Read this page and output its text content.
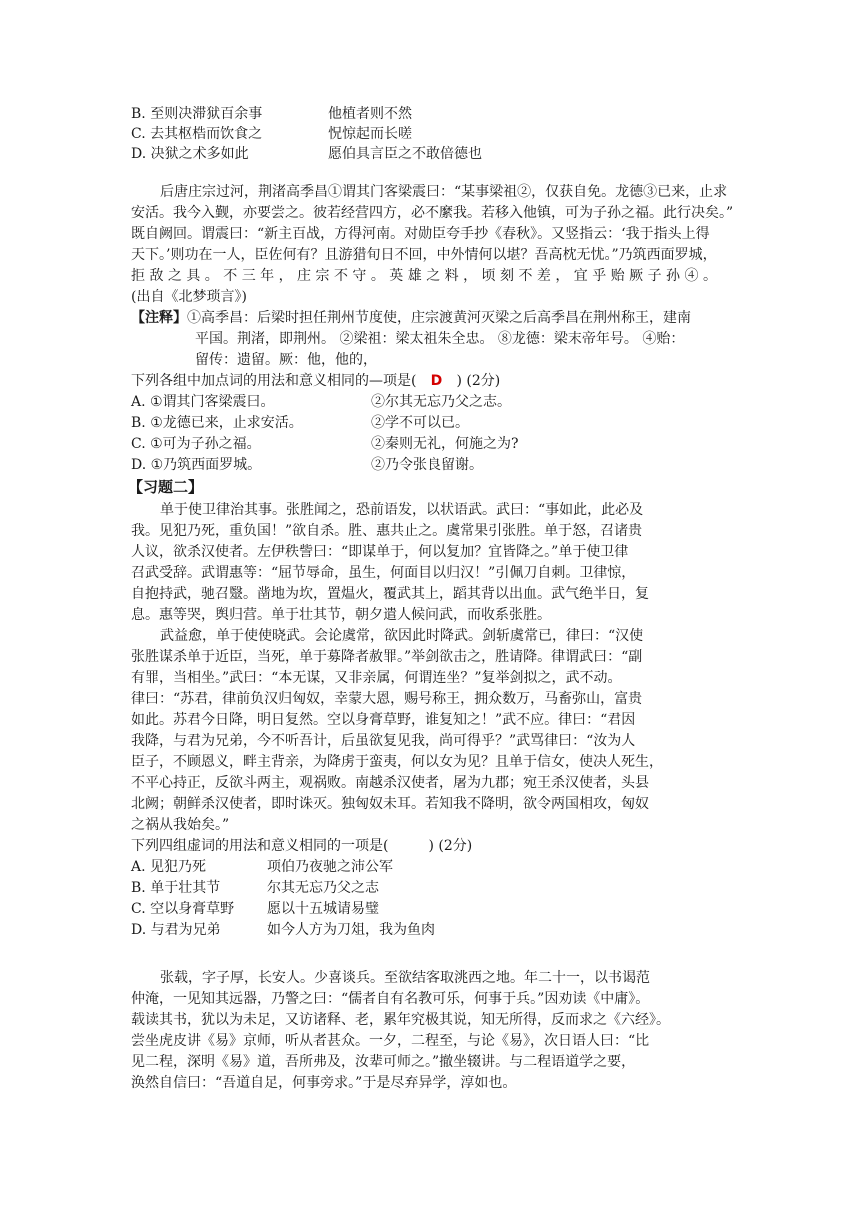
B. 至则决滞狱百余事	他植者则不然
C. 去其枢梏而饮食之	怳惊起而长嗟
D. 决狱之术多如此	愿伯具言臣之不敢倍德也
后唐庄宗过河，荆渚高季昌①谓其门客梁震曰：“某事梁祖②，仅获自免。龙德③已来，止求
安活。我今入觐，亦要尝之。彼若经营四方，必不縻我。若移入他镇，可为子孙之福。此行决矣。”
既自阙回。谓震曰：“新主百战，方得河南。对勋臣夸手抄《春秋》。又竖指云：‘我于指头上得
天下。’则功在一人，臣佐何有？且游猎旬日不回，中外情何以堪？吾高枕无忧。”乃筑西面罗城，
拒 敌 之 具 。 不 三 年 ， 庄 宗 不 守 。 英 雄 之 料 ， 顷 刻 不 差 ， 宜 乎 贻 厥 子 孙 ④ 。
(出自《北梦琐言》)
【注释】①高季昌：后梁时担任荆州节度使，庄宗渡黄河灭梁之后高季昌在荆州称王，建南
平国。荆渚，即荆州。 ②梁祖：梁太祖朱全忠。 ⑧龙德：梁末帝年号。 ④贻：
留传：遗留。厥：他，他的，
下列各组中加点词的用法和意义相同的—项是( D ) (2分)
A. ①谓其门客梁震曰。	②尔其无忘乃父之志。
B. ①龙德已来，止求安活。	②学不可以已。
C. ①可为子孙之福。	②秦则无礼，何施之为?
D. ①乃筑西面罗城。	②乃令张良留谢。
【习题二】
单于使卫律治其事。张胜闻之，恐前语发，以状语武。武曰：“事如此，此必及
我。见犯乃死，重负国！”欲自杀。胜、惠共止之。虞常果引张胜。单于怒，召诸贵
人议，欲杀汉使者。左伊秩訾曰：“即谋单于，何以复加？宜皆降之。”单于使卫律
召武受辞。武谓惠等：“屈节辱命，虽生，何面目以归汉！”引佩刀自刺。卫律惊，
自抱持武，驰召毉。凿地为坎，置煴火，覆武其上，蹈其背以出血。武气绝半日，复
息。惠等哭，舆归营。单于壮其节，朝夕遣人候问武，而收系张胜。
武益愈，单于使使晓武。会论虞常，欲因此时降武。剑斩虞常已，律曰：“汉使
张胜谋杀单于近臣，当死，单于募降者赦罪。”举剑欲击之，胜请降。律谓武曰：“副
有罪，当相坐。”武曰：“本无谋，又非亲属，何谓连坐？”复举剑拟之，武不动。
律曰：“苏君，律前负汉归匈奴，幸蒙大恩，赐号称王，拥众数万，马畜弥山，富贵
如此。苏君今日降，明日复然。空以身膏草野，谁复知之！”武不应。律曰：“君因
我降，与君为兄弟，今不听吾计，后虽欲复见我，尚可得乎？”武骂律曰：“汝为人
臣子，不顾恩义，畔主背亲，为降虏于蛮夷，何以女为见？且单于信女，使决人死生，
不平心持正，反欲斗两主，观祸败。南越杀汉使者，屠为九郡；宛王杀汉使者，头县
北阙；朝鲜杀汉使者，即时诛灭。独匈奴未耳。若知我不降明，欲令两国相攻，匈奴
之祸从我始矣。”
下列四组虚词的用法和意义相同的一项是(	) (2分)
A. 见犯乃死	项伯乃夜驰之沛公军
B. 单于壮其节	尔其无忘乃父之志
C. 空以身膏草野 愿以十五城请易璧
D. 与君为兄弟	如今人方为刀俎，我为鱼肉
张载，字子厚，长安人。少喜谈兵。至欲结客取洮西之地。年二十一，以书谒范
仲淹，一见知其远器，乃警之曰：“儒者自有名教可乐，何事于兵。”因劝读《中庸》。
载读其书，犹以为未足，又访诸释、老，累年究极其说，知无所得，反而求之《六经》。
尝坐虎皮讲《易》京师，听从者甚众。一夕，二程至，与论《易》，次日语人曰：“比
见二程，深明《易》道，吾所弗及，汝辈可师之。”撤坐辍讲。与二程语道学之要，
涣然自信曰：“吾道自足，何事旁求。”于是尽弃异学，淳如也。
